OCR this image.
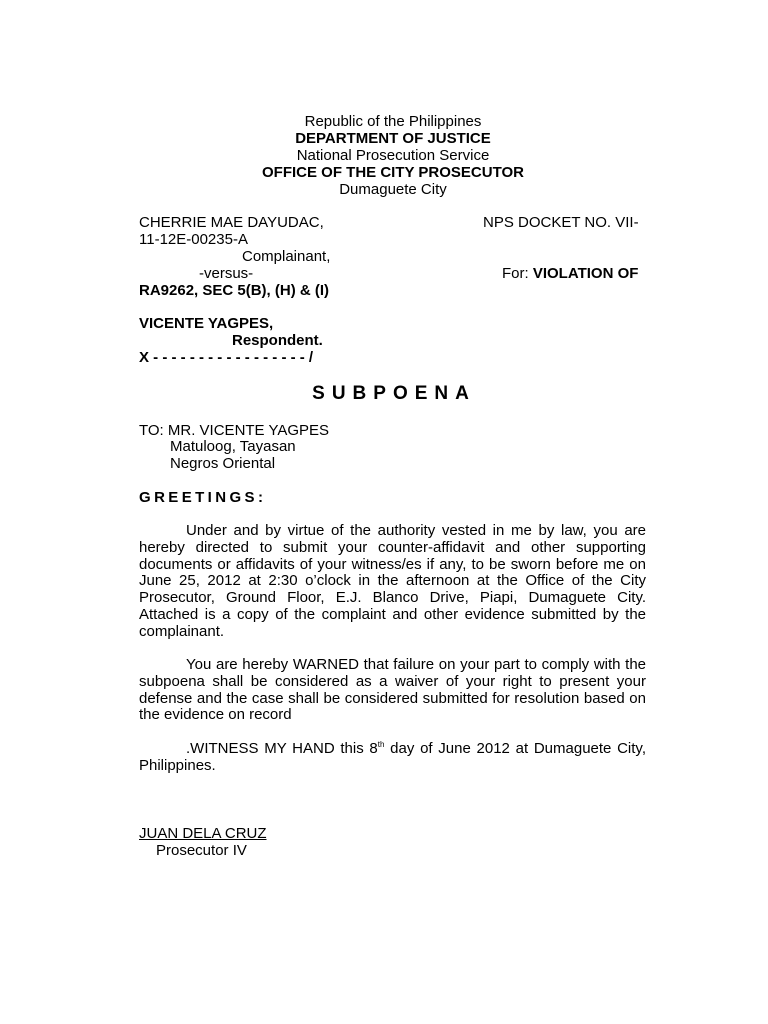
Republic of the Philippines
DEPARTMENT OF JUSTICE
National Prosecution Service
OFFICE OF THE CITY PROSECUTOR
Dumaguete City
CHERRIE MAE DAYUDAC,	NPS DOCKET NO. VII-
11-12E-00235-A
Complainant,
-versus-	For: VIOLATION OF
RA9262, SEC 5(B), (H) & (I)
VICENTE YAGPES,
Respondent.
X - - - - - - - - - - - - - - - - - /
SUBPOENA
TO: MR. VICENTE YAGPES
Matuloog, Tayasan
Negros Oriental
GREETINGS:
Under and by virtue of the authority vested in me by law, you are hereby directed to submit your counter-affidavit and other supporting documents or affidavits of your witness/es if any, to be sworn before me on June 25, 2012 at 2:30 o’clock in the afternoon at the Office of the City Prosecutor, Ground Floor, E.J. Blanco Drive, Piapi, Dumaguete City. Attached is a copy of the complaint and other evidence submitted by the complainant.
You are hereby WARNED that failure on your part to comply with the subpoena shall be considered as a waiver of your right to present your defense and the case shall be considered submitted for resolution based on the evidence on record
.WITNESS MY HAND this 8th day of June 2012 at Dumaguete City, Philippines.
JUAN DELA CRUZ
Prosecutor IV
